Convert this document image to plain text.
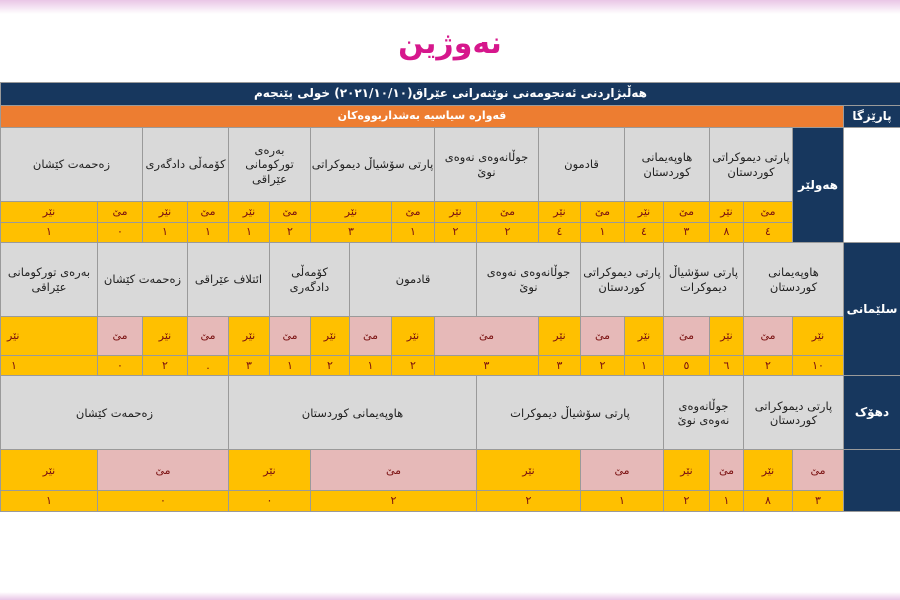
نەوژین
هەڵبژاردنی ئەنجومەنی نوێنەرانی عێراق(٢٠٢١/١٠/١٠) خولی پێنجەم																			
قەوارە سیاسیە بەشداربووەکان																		پارێزگا	
زەحمەت کێشان		کۆمەڵی دادگەری		بەرەی تورکومانی عێراقی		پارتی سۆشیاڵ دیموکراتی			جوڵانەوەی نەوەی نوێ		قادمون		هاوپەیمانی کوردستان		پارتی دیموکراتی کوردستان		هەولێر		
نێر	مێ	نێر	مێ	نێر	مێ	نێر		مێ	نێر	مێ	نێر	مێ	نێر	مێ	نێر	مێ			
١	٠	١	١	١	٢	٣		١	٢	٢	٤	١	٤	٣	٨	٤			
بەرەی تورکومانی عێراقی	زەحمەت کێشان		ائتلاف عێراقی		کۆمەڵی دادگەری		قادمون			جوڵانەوەی نەوەی نوێ		پارتی دیموکراتی کوردستان		پارتی سۆشیاڵ دیموکرات		هاوپەیمانی کوردستان		سلێمانی	
نێر	مێ	نێر	مێ	نێر	مێ	نێر	مێ	نێر	مێ		نێر	مێ	نێر	مێ	نێر	مێ	نێر	
١	٠	٢	.	٣	١	٢	١	٢	٣		٣	٢	١	٥	٦	٢	١٠	
زەحمەت کێشان				هاوپەیمانی کوردستان						پارتی سۆشیاڵ دیموکرات				جوڵانەوەی نەوەی نوێ		پارتی دیموکراتی کوردستان		دهۆک	
نێر	مێ			نێر		مێ				نێر		مێ		نێر	مێ	نێر	مێ		
١	٠			٠		٢				٢		١		٢	١	٨	٣		
